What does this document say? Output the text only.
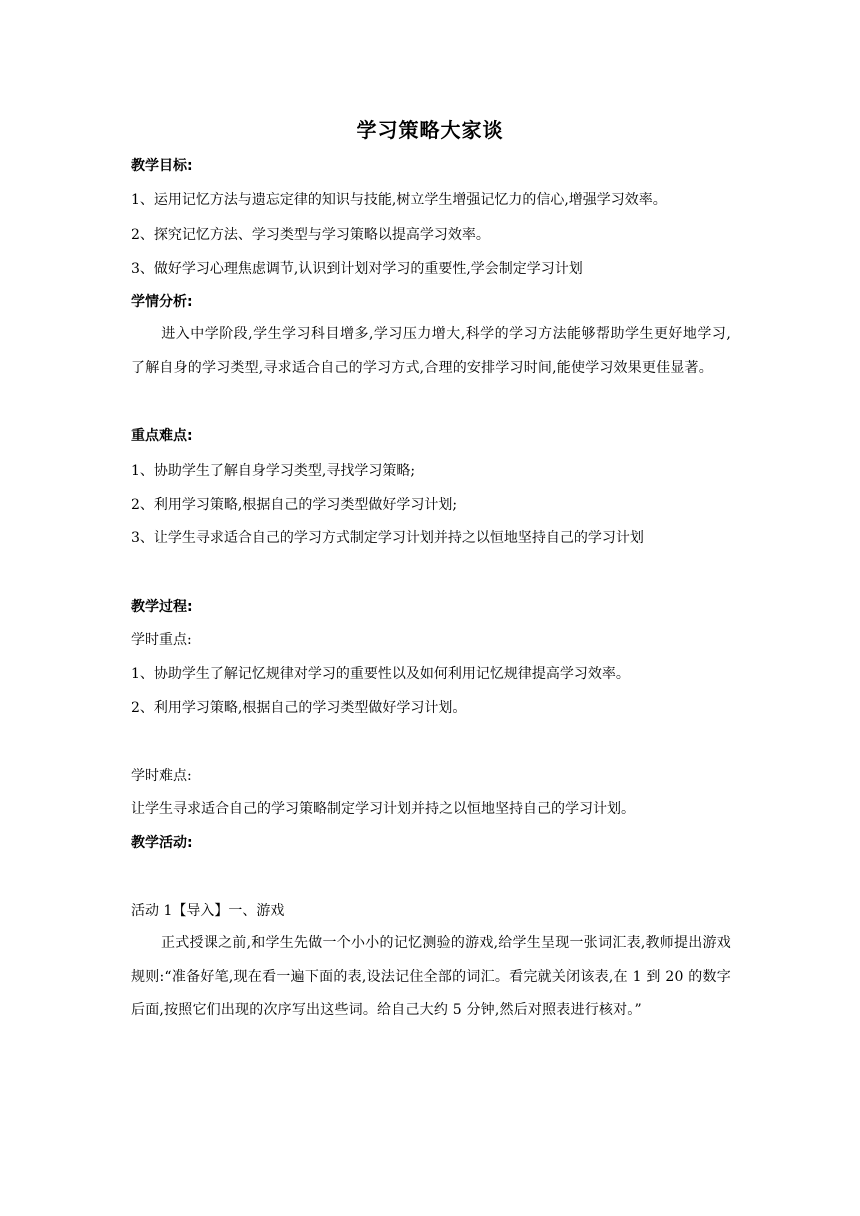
学习策略大家谈
教学目标:
1、运用记忆方法与遗忘定律的知识与技能,树立学生增强记忆力的信心,增强学习效率。
2、探究记忆方法、学习类型与学习策略以提高学习效率。
3、做好学习心理焦虑调节,认识到计划对学习的重要性,学会制定学习计划
学情分析:
进入中学阶段,学生学习科目增多,学习压力增大,科学的学习方法能够帮助学生更好地学习,了解自身的学习类型,寻求适合自己的学习方式,合理的安排学习时间,能使学习效果更佳显著。
重点难点:
1、协助学生了解自身学习类型,寻找学习策略;
2、利用学习策略,根据自己的学习类型做好学习计划;
3、让学生寻求适合自己的学习方式制定学习计划并持之以恒地坚持自己的学习计划
教学过程:
学时重点:
1、协助学生了解记忆规律对学习的重要性以及如何利用记忆规律提高学习效率。
2、利用学习策略,根据自己的学习类型做好学习计划。
学时难点:
让学生寻求适合自己的学习策略制定学习计划并持之以恒地坚持自己的学习计划。
教学活动:
活动 1【导入】一、游戏
正式授课之前,和学生先做一个小小的记忆测验的游戏,给学生呈现一张词汇表,教师提出游戏规则:“准备好笔,现在看一遍下面的表,设法记住全部的词汇。看完就关闭该表,在 1 到 20 的数字后面,按照它们出现的次序写出这些词。给自己大约 5 分钟,然后对照表进行核对。”
